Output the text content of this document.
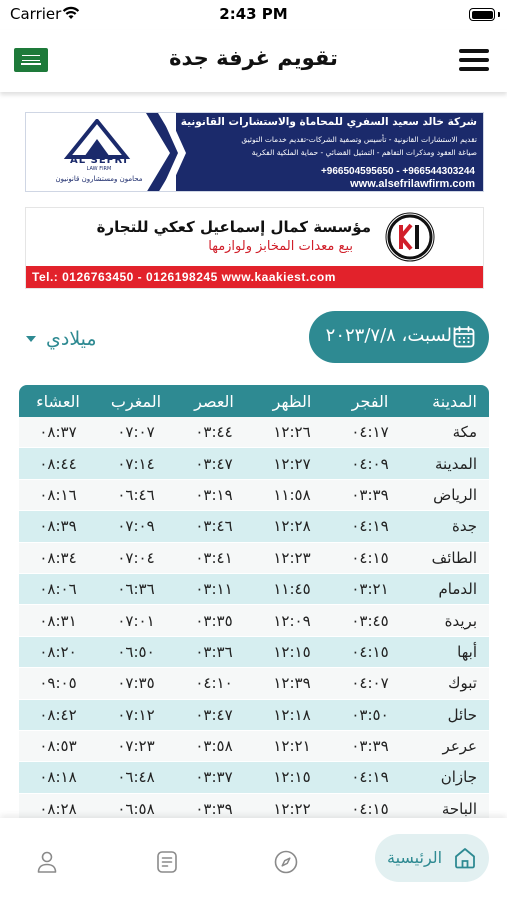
Carrier	2:43 PM
تقويم غرفة جدة
AL SEFRI
LAW FIRM
محامون ومستشارون قانونيون
شركة خالد سعيد السفري للمحاماة والاستشارات القانونية
تقديم الاستشارات القانونية - تأسيس وتصفية الشركات-تقديم خدمات التوثيق
صياغة العقود ومذكرات التفاهم - التمثيل القضائي - حماية الملكية الفكرية
+966504595650 - +966544303244
www.alsefrilawfirm.com
مؤسسة كمال إسماعيل كعكي للتجارة
بيع معدات المخابز ولوازمها
Tel.: 0126763450 - 0126198245 www.kaakiest.com
ميلادي	السبت، ٢٠٢٣/٧/٨
المدينة
الفجر
الظهر
العصر
المغرب
العشاء
مكة
٠٤:١٧
١٢:٢٦
٠٣:٤٤
٠٧:٠٧
٠٨:٣٧
المدينة
٠٤:٠٩
١٢:٢٧
٠٣:٤٧
٠٧:١٤
٠٨:٤٤
الرياض
٠٣:٣٩
١١:٥٨
٠٣:١٩
٠٦:٤٦
٠٨:١٦
جدة
٠٤:١٩
١٢:٢٨
٠٣:٤٦
٠٧:٠٩
٠٨:٣٩
الطائف
٠٤:١٥
١٢:٢٣
٠٣:٤١
٠٧:٠٤
٠٨:٣٤
الدمام
٠٣:٢١
١١:٤٥
٠٣:١١
٠٦:٣٦
٠٨:٠٦
بريدة
٠٣:٤٥
١٢:٠٩
٠٣:٣٥
٠٧:٠١
٠٨:٣١
أبها
٠٤:١٥
١٢:١٥
٠٣:٣٦
٠٦:٥٠
٠٨:٢٠
تبوك
٠٤:٠٧
١٢:٣٩
٠٤:١٠
٠٧:٣٥
٠٩:٠٥
حائل
٠٣:٥٠
١٢:١٨
٠٣:٤٧
٠٧:١٢
٠٨:٤٢
عرعر
٠٣:٣٩
١٢:٢١
٠٣:٥٨
٠٧:٢٣
٠٨:٥٣
جازان
٠٤:١٩
١٢:١٥
٠٣:٣٧
٠٦:٤٨
٠٨:١٨
الباحة
٠٤:١٥
١٢:٢٢
٠٣:٣٩
٠٦:٥٨
٠٨:٢٨
الرئيسية
